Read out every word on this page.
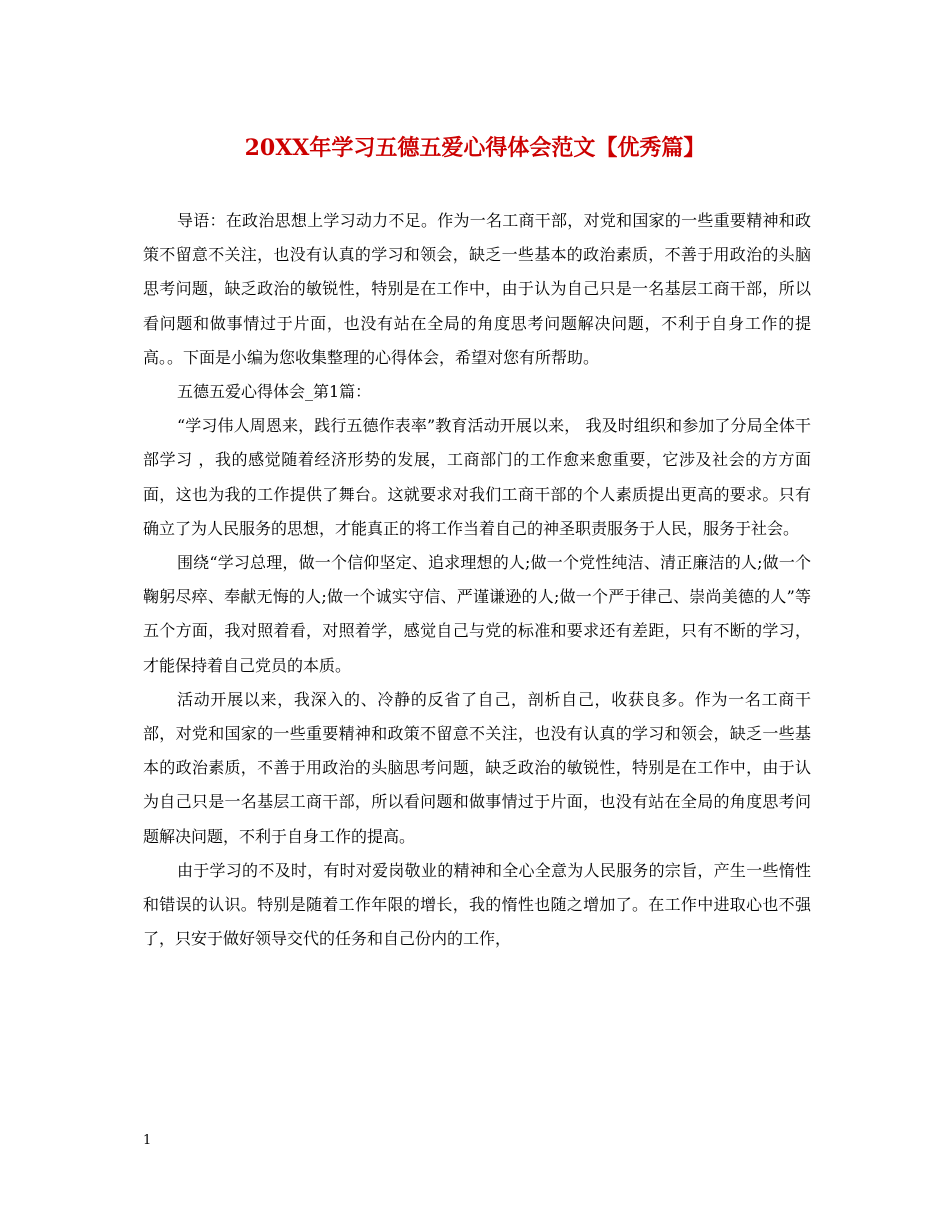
20XX年学习五德五爱心得体会范文【优秀篇】

导语：在政治思想上学习动力不足。作为一名工商干部，对党和国家的一些重要精神和政策不留意不关注，也没有认真的学习和领会，缺乏一些基本的政治素质，不善于用政治的头脑思考问题，缺乏政治的敏锐性，特别是在工作中，由于认为自己只是一名基层工商干部，所以看问题和做事情过于片面，也没有站在全局的角度思考问题解决问题，不利于自身工作的提高。。下面是小编为您收集整理的心得体会，希望对您有所帮助。

五德五爱心得体会_第1篇：

“学习伟人周恩来，践行五德作表率”教育活动开展以来， 我及时组织和参加了分局全体干部学习 ，我的感觉随着经济形势的发展，工商部门的工作愈来愈重要，它涉及社会的方方面面，这也为我的工作提供了舞台。这就要求对我们工商干部的个人素质提出更高的要求。只有确立了为人民服务的思想，才能真正的将工作当着自己的神圣职责服务于人民，服务于社会。

围绕“学习总理，做一个信仰坚定、追求理想的人;做一个党性纯洁、清正廉洁的人;做一个鞠躬尽瘁、奉献无悔的人;做一个诚实守信、严谨谦逊的人;做一个严于律己、崇尚美德的人”等五个方面，我对照着看，对照着学，感觉自己与党的标准和要求还有差距，只有不断的学习，才能保持着自己党员的本质。

活动开展以来，我深入的、冷静的反省了自己，剖析自己，收获良多。作为一名工商干部，对党和国家的一些重要精神和政策不留意不关注，也没有认真的学习和领会，缺乏一些基本的政治素质，不善于用政治的头脑思考问题，缺乏政治的敏锐性，特别是在工作中，由于认为自己只是一名基层工商干部，所以看问题和做事情过于片面，也没有站在全局的角度思考问题解决问题，不利于自身工作的提高。

由于学习的不及时，有时对爱岗敬业的精神和全心全意为人民服务的宗旨，产生一些惰性和错误的认识。特别是随着工作年限的增长，我的惰性也随之增加了。在工作中进取心也不强了，只安于做好领导交代的任务和自己份内的工作，

1
